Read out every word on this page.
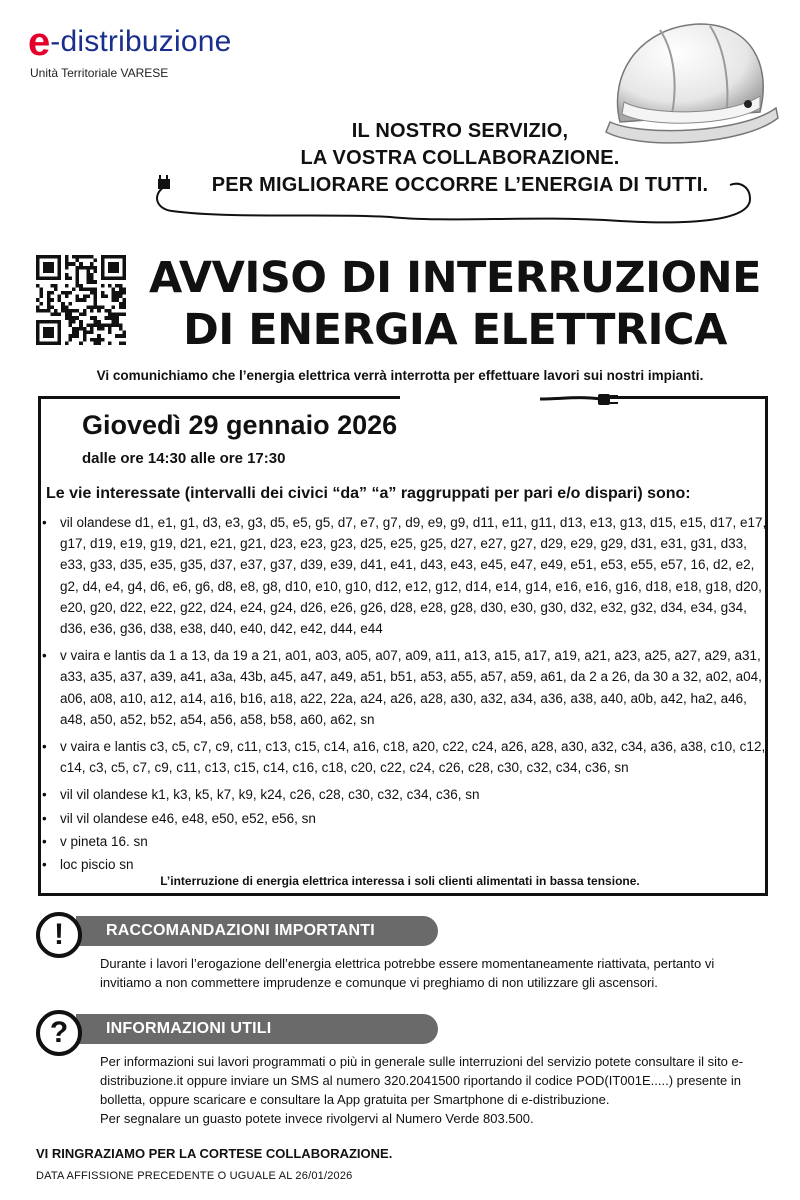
e -distribuzione
Unità Territoriale VARESE
IL NOSTRO SERVIZIO,
LA VOSTRA COLLABORAZIONE.
PER MIGLIORARE OCCORRE L’ENERGIA DI TUTTI.
AVVISO DI INTERRUZIONE
DI ENERGIA ELETTRICA
Vi comunichiamo che l’energia elettrica verrà interrotta per effettuare lavori sui nostri impianti.
Giovedì 29 gennaio 2026
dalle ore 14:30 alle ore 17:30
Le vie interessate (intervalli dei civici “da” “a” raggruppati per pari e/o dispari) sono:
• vil olandese d1, e1, g1, d3, e3, g3, d5, e5, g5, d7, e7, g7, d9, e9, g9, d11, e11, g11, d13, e13, g13, d15, e15, d17, e17, g17, d19, e19, g19, d21, e21, g21, d23, e23, g23, d25, e25, g25, d27, e27, g27, d29, e29, g29, d31, e31, g31, d33, e33, g33, d35, e35, g35, d37, e37, g37, d39, e39, d41, e41, d43, e43, e45, e47, e49, e51, e53, e55, e57, 16, d2, e2, g2, d4, e4, g4, d6, e6, g6, d8, e8, g8, d10, e10, g10, d12, e12, g12, d14, e14, g14, e16, e16, g16, d18, e18, g18, d20, e20, g20, d22, e22, g22, d24, e24, g24, d26, e26, g26, d28, e28, g28, d30, e30, g30, d32, e32, g32, d34, e34, g34, d36, e36, g36, d38, e38, d40, e40, d42, e42, d44, e44
• v vaira e lantis da 1 a 13, da 19 a 21, a01, a03, a05, a07, a09, a11, a13, a15, a17, a19, a21, a23, a25, a27, a29, a31, a33, a35, a37, a39, a41, a3a, 43b, a45, a47, a49, a51, b51, a53, a55, a57, a59, a61, da 2 a 26, da 30 a 32, a02, a04, a06, a08, a10, a12, a14, a16, b16, a18, a22, 22a, a24, a26, a28, a30, a32, a34, a36, a38, a40, a0b, a42, ha2, a46, a48, a50, a52, b52, a54, a56, a58, b58, a60, a62, sn
• v vaira e lantis c3, c5, c7, c9, c11, c13, c15, c14, a16, c18, a20, c22, c24, a26, a28, a30, a32, c34, a36, a38, c10, c12, c14, c3, c5, c7, c9, c11, c13, c15, c14, c16, c18, c20, c22, c24, c26, c28, c30, c32, c34, c36, sn
• vil vil olandese k1, k3, k5, k7, k9, k24, c26, c28, c30, c32, c34, c36, sn
• vil vil olandese e46, e48, e50, e52, e56, sn
• v pineta 16. sn
• loc piscio sn
L’interruzione di energia elettrica interessa i soli clienti alimentati in bassa tensione.
!	RACCOMANDAZIONI IMPORTANTI
Durante i lavori l’erogazione dell’energia elettrica potrebbe essere momentaneamente riattivata, pertanto vi invitiamo a non commettere imprudenze e comunque vi preghiamo di non utilizzare gli ascensori.
?	INFORMAZIONI UTILI
Per informazioni sui lavori programmati o più in generale sulle interruzioni del servizio potete consultare il sito e-distribuzione.it oppure inviare un SMS al numero 320.2041500 riportando il codice POD(IT001E.....) presente in bolletta, oppure scaricare e consultare la App gratuita per Smartphone di e-distribuzione.
Per segnalare un guasto potete invece rivolgervi al Numero Verde 803.500.
VI RINGRAZIAMO PER LA CORTESE COLLABORAZIONE.
DATA AFFISSIONE PRECEDENTE O UGUALE AL 26/01/2026
